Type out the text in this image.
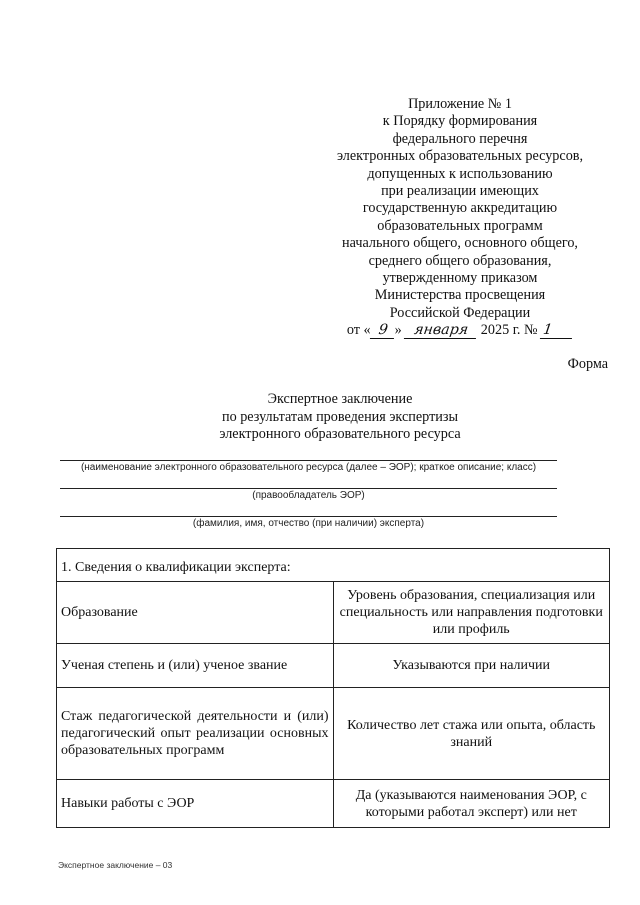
Приложение № 1
к Порядку формирования
федерального перечня
электронных образовательных ресурсов,
допущенных к использованию
при реализации имеющих
государственную аккредитацию
образовательных программ
начального общего, основного общего,
среднего общего образования,
утвержденному приказом
Министерства просвещения
Российской Федерации
от « 9 » января 2025 г. № 1
Форма
Экспертное заключение
по результатам проведения экспертизы
электронного образовательного ресурса
(наименование электронного образовательного ресурса (далее – ЭОР); краткое описание; класс)
(правообладатель ЭОР)
(фамилия, имя, отчество (при наличии) эксперта)
1. Сведения о квалификации эксперта:	
Образование	Уровень образования, специализация или специальность или направления подготовки или профиль
Ученая степень и (или) ученое звание	Указываются при наличии
Стаж педагогической деятельности и (или) педагогический опыт реализации основных образовательных программ	Количество лет стажа или опыта, область знаний
Навыки работы с ЭОР	Да (указываются наименования ЭОР, с которыми работал эксперт) или нет
Экспертное заключение – 03
